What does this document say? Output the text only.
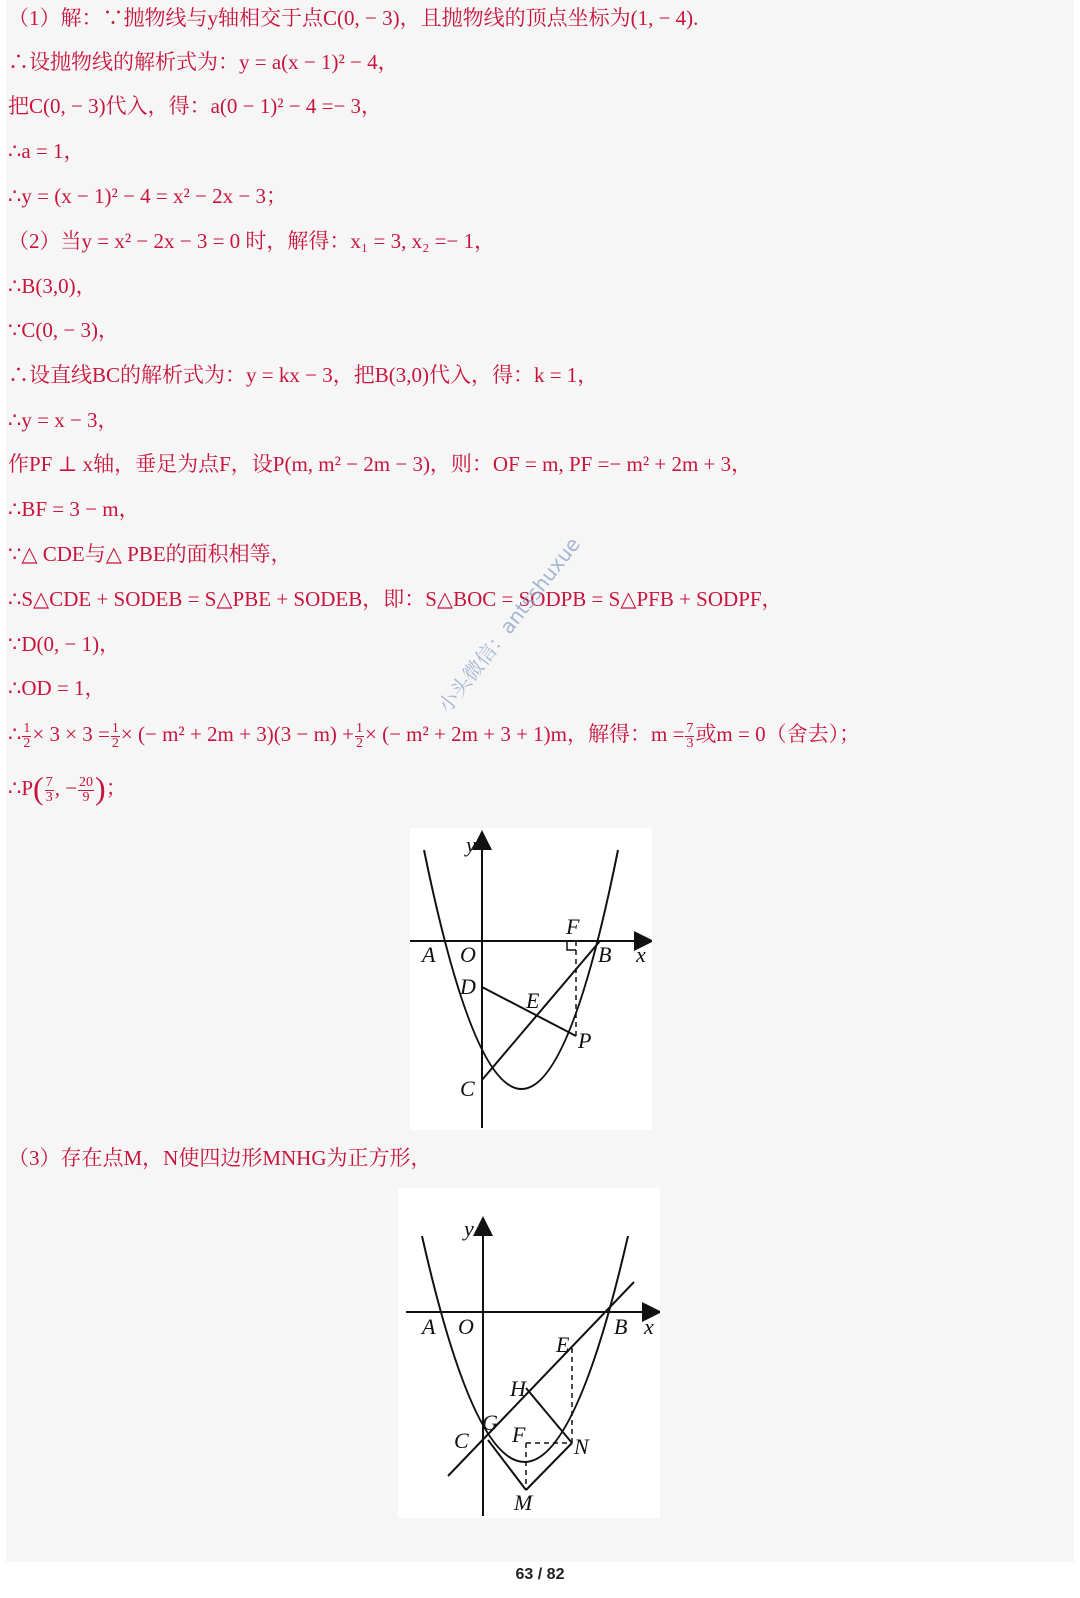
（1）解：∵抛物线与y轴相交于点C(0, − 3)，且抛物线的顶点坐标为(1, − 4).
∴设抛物线的解析式为：y = a(x − 1)² − 4，
把C(0, − 3)代入，得：a(0 − 1)² − 4 =− 3，
∴a = 1，
∴y = (x − 1)² − 4 = x² − 2x − 3；
（2）当y = x² − 2x − 3 = 0 时，解得：x₁ = 3, x₂ =− 1，
∴B(3,0)，
∵C(0, − 3)，
∴设直线BC的解析式为：y = kx − 3，把B(3,0)代入，得：k = 1，
∴y = x − 3，
作PF ⊥ x轴，垂足为点F，设P(m, m² − 2m − 3)，则：OF = m, PF =− m² + 2m + 3，
∴BF = 3 − m，
∵△ CDE与△ PBE的面积相等，
∴S△CDE + SODEB = S△PBE + SODEB，即：S△BOC = SODPB = S△PFB + SODPF，
∵D(0, − 1)，
∴OD = 1，
∴ $\frac{1}{2} \times 3 \times 3 = \frac{1}{2}$ × (− $m^2 + 2m + 3)(3 - m) + \frac{1}{2}$ × (− m² + 2m + 3 + 1)m，解得：$m = \frac{7}{3}$ 或m = 0（舍去）；
∴P( $\frac{7}{3}$ , − $\frac{20}{9}$ )；
y
x
A O	B
F
D
E
P
C
小头微信：antsshuxue
（3）存在点M，N使四边形MNHG为正方形，
y
x
A O	B
E
H
G
C F N
M
63 / 82
